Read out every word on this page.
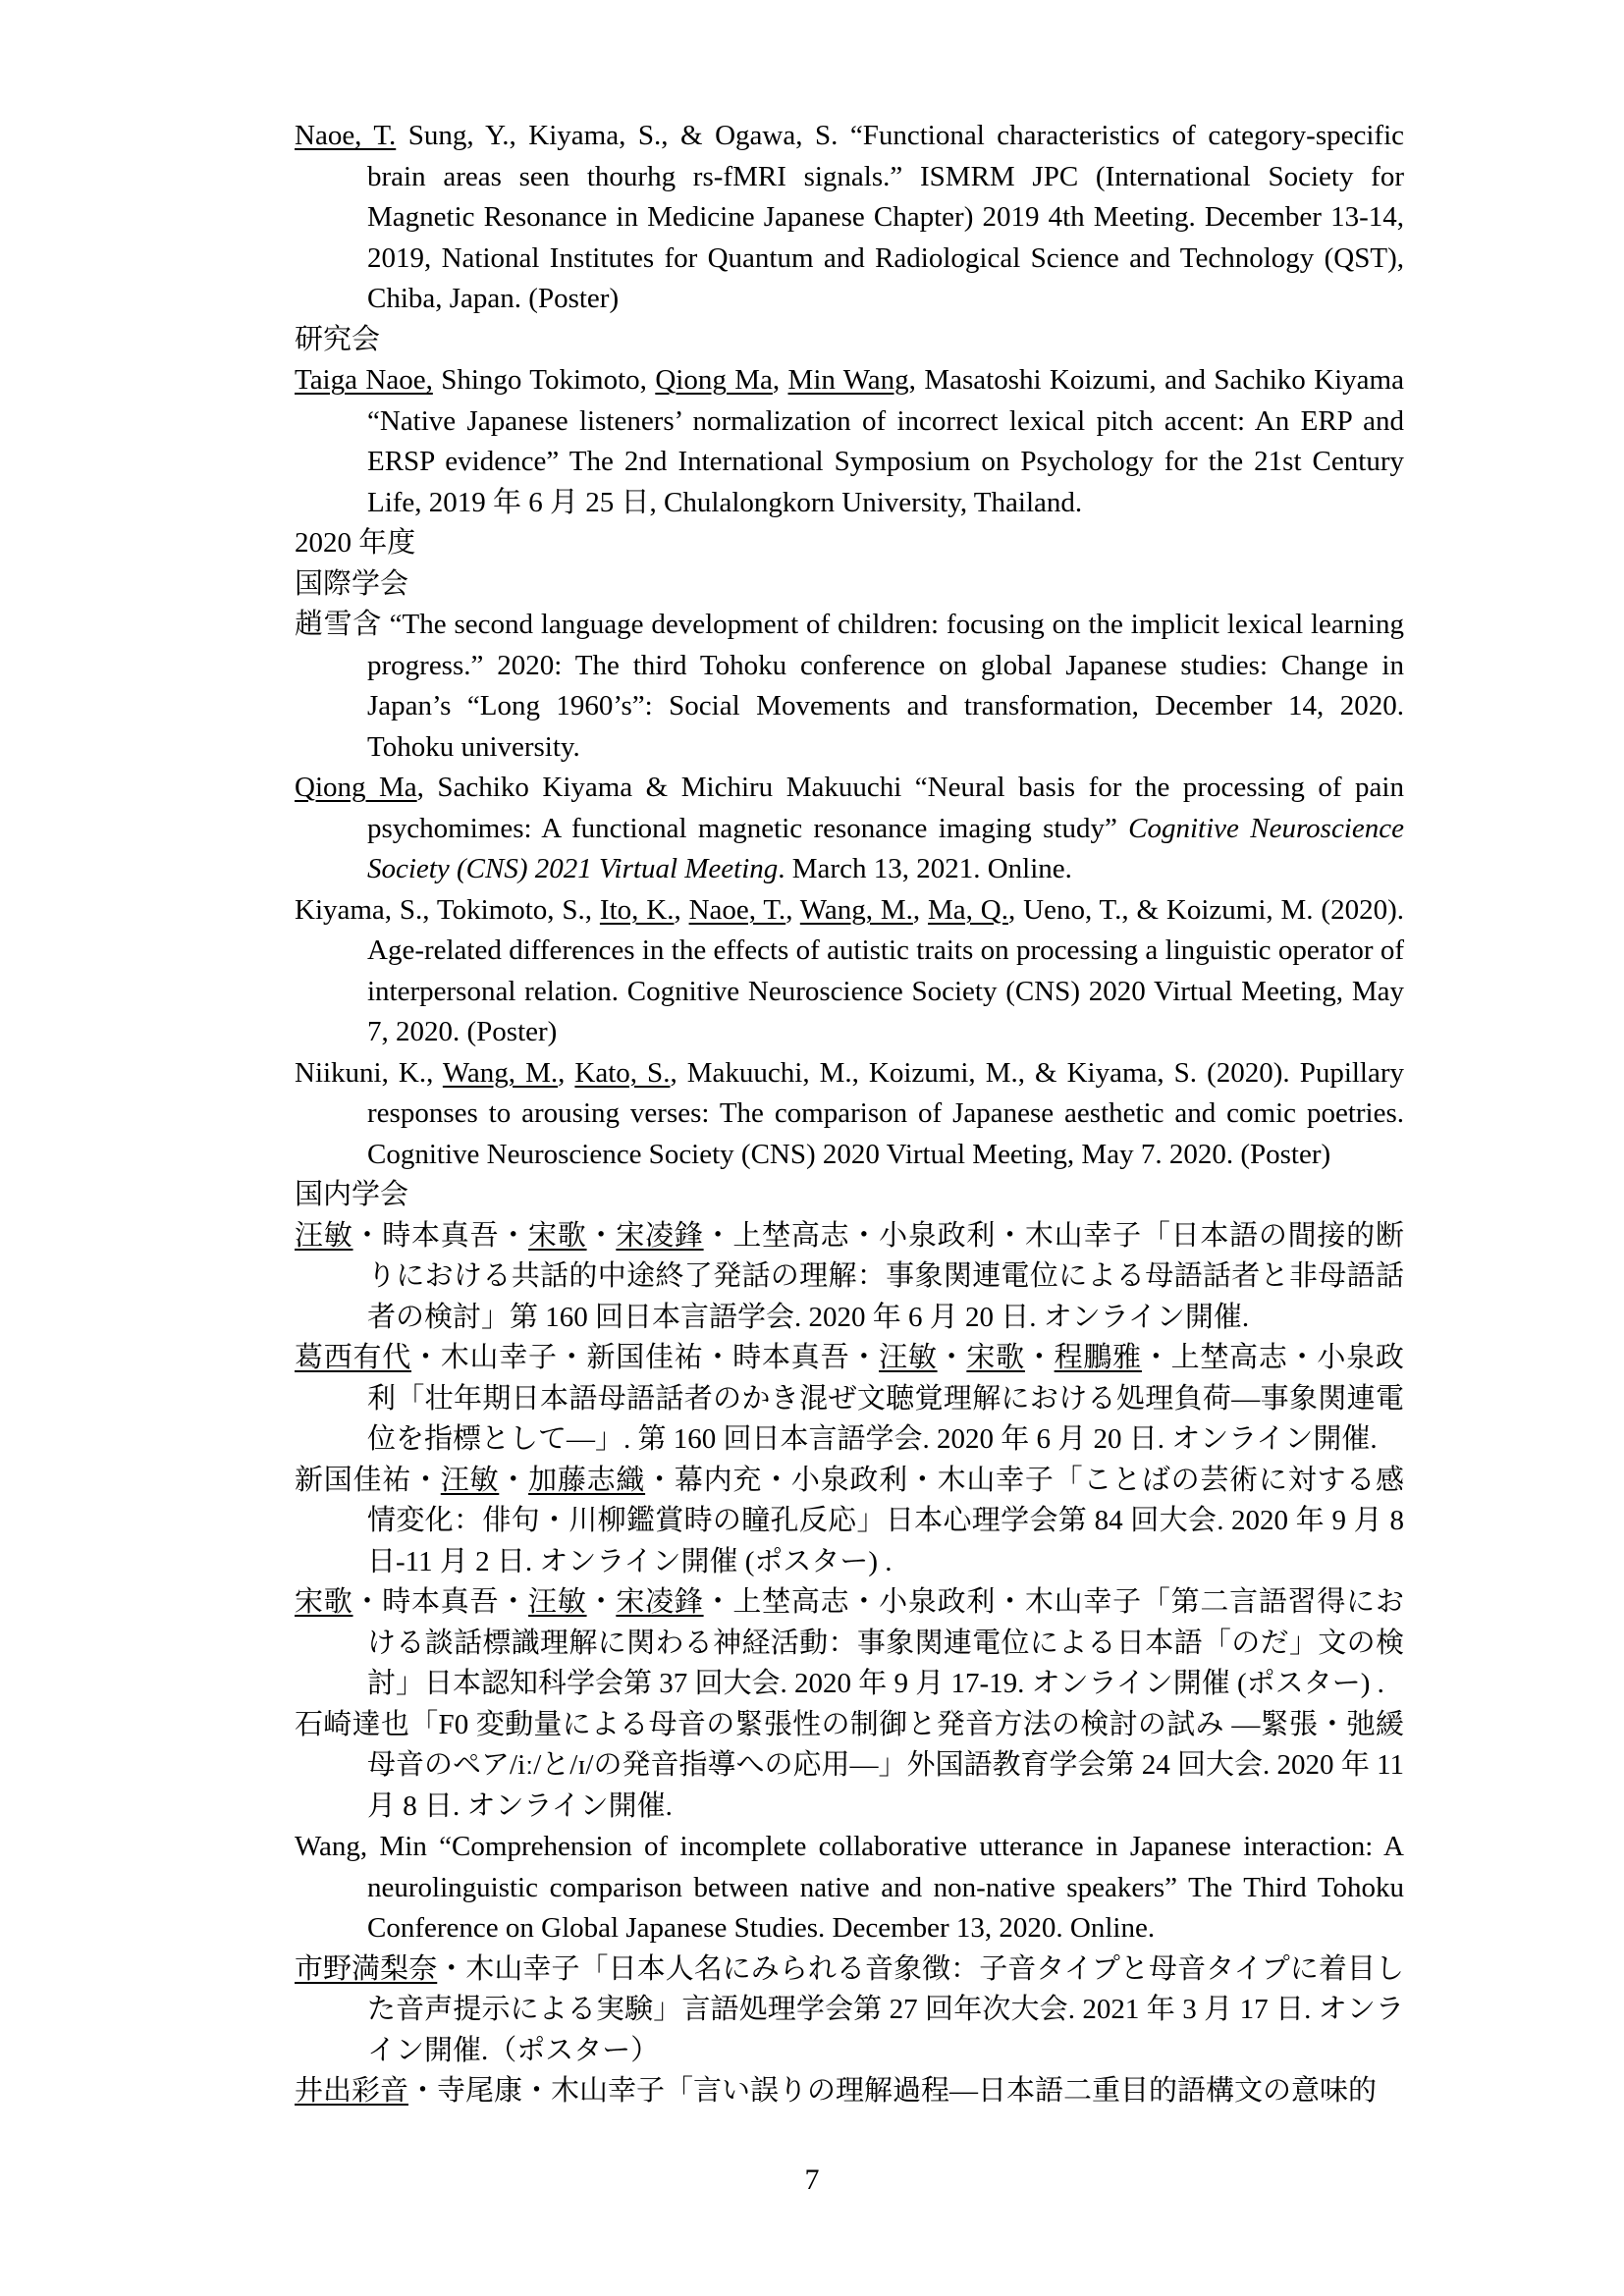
Naoe, T. Sung, Y., Kiyama, S., & Ogawa, S. “Functional characteristics of category-specific brain areas seen thourhg rs-fMRI signals.” ISMRM JPC (International Society for Magnetic Resonance in Medicine Japanese Chapter) 2019 4th Meeting. December 13-14, 2019, National Institutes for Quantum and Radiological Science and Technology (QST), Chiba, Japan. (Poster)

研究会

Taiga Naoe, Shingo Tokimoto, Qiong Ma, Min Wang, Masatoshi Koizumi, and Sachiko Kiyama “Native Japanese listeners’ normalization of incorrect lexical pitch accent: An ERP and ERSP evidence” The 2nd International Symposium on Psychology for the 21st Century Life, 2019 年 6 月 25 日, Chulalongkorn University, Thailand.

2020 年度

国際学会

趙雪含 “The second language development of children: focusing on the implicit lexical learning progress.” 2020: The third Tohoku conference on global Japanese studies: Change in Japan’s “Long 1960’s”: Social Movements and transformation, December 14, 2020. Tohoku university.

Qiong Ma, Sachiko Kiyama & Michiru Makuuchi “Neural basis for the processing of pain psychomimes: A functional magnetic resonance imaging study” Cognitive Neuroscience Society (CNS) 2021 Virtual Meeting. March 13, 2021. Online.

Kiyama, S., Tokimoto, S., Ito, K., Naoe, T., Wang, M., Ma, Q., Ueno, T., & Koizumi, M. (2020). Age-related differences in the effects of autistic traits on processing a linguistic operator of interpersonal relation. Cognitive Neuroscience Society (CNS) 2020 Virtual Meeting, May 7, 2020. (Poster)

Niikuni, K., Wang, M., Kato, S., Makuuchi, M., Koizumi, M., & Kiyama, S. (2020). Pupillary responses to arousing verses: The comparison of Japanese aesthetic and comic poetries. Cognitive Neuroscience Society (CNS) 2020 Virtual Meeting, May 7. 2020. (Poster)

国内学会

汪敏・時本真吾・宋歌・宋凌鋒・上埜高志・小泉政利・木山幸子「日本語の間接的断りにおける共話的中途終了発話の理解：事象関連電位による母語話者と非母語話者の検討」第 160 回日本言語学会. 2020 年 6 月 20 日. オンライン開催.

葛西有代・木山幸子・新国佳祐・時本真吾・汪敏・宋歌・程鵬雅・上埜高志・小泉政利「壮年期日本語母語話者のかき混ぜ文聴覚理解における処理負荷—事象関連電位を指標として—」. 第 160 回日本言語学会. 2020 年 6 月 20 日. オンライン開催.

新国佳祐・汪敏・加藤志織・幕内充・小泉政利・木山幸子「ことばの芸術に対する感情変化：俳句・川柳鑑賞時の瞳孔反応」日本心理学会第 84 回大会. 2020 年 9 月 8 日-11 月 2 日. オンライン開催 (ポスター) .

宋歌・時本真吾・汪敏・宋凌鋒・上埜高志・小泉政利・木山幸子「第二言語習得における談話標識理解に関わる神経活動：事象関連電位による日本語「のだ」文の検討」日本認知科学会第 37 回大会. 2020 年 9 月 17-19. オンライン開催 (ポスター) .

石崎達也「F0 変動量による母音の緊張性の制御と発音方法の検討の試み —緊張・弛緩母音のペア/iː/と/ɪ/の発音指導への応用—」外国語教育学会第 24 回大会. 2020 年 11 月 8 日. オンライン開催.

Wang, Min “Comprehension of incomplete collaborative utterance in Japanese interaction: A neurolinguistic comparison between native and non-native speakers” The Third Tohoku Conference on Global Japanese Studies. December 13, 2020. Online.

市野満梨奈・木山幸子「日本人名にみられる音象徴：子音タイプと母音タイプに着目した音声提示による実験」言語処理学会第 27 回年次大会. 2021 年 3 月 17 日. オンライン開催.（ポスター）

井出彩音・寺尾康・木山幸子「言い誤りの理解過程—日本語二重目的語構文の意味的

7
